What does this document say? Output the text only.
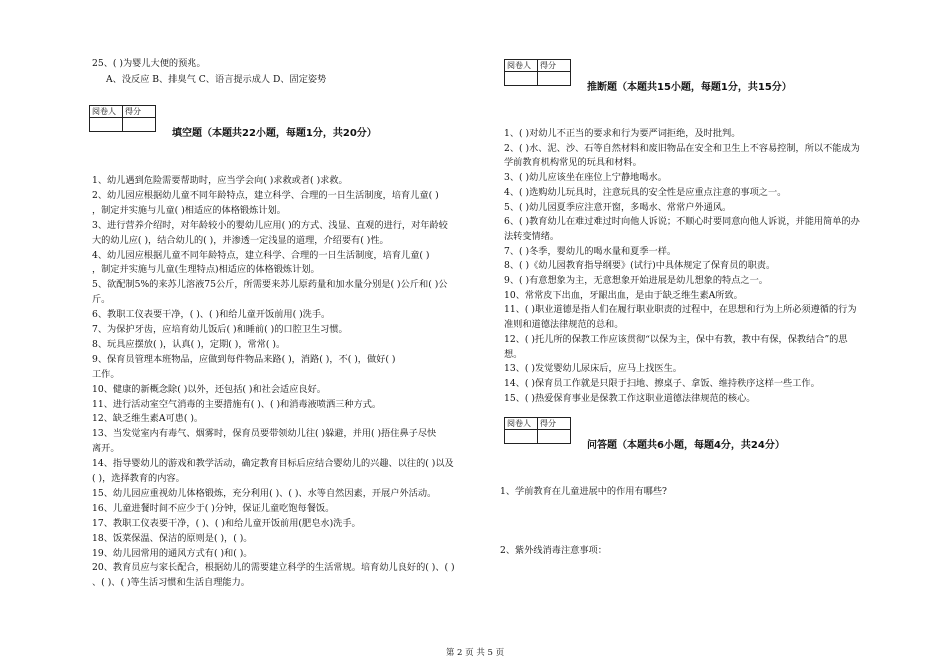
25、( )为婴儿大便的预兆。
A、没反应 B、排臭气 C、语言提示成人 D、固定姿势
阅卷人	得分

填空题（本题共22小题，每题1分，共20分）
1、幼儿遇到危险需要帮助时，应当学会向( )求救或者( )求救。
2、幼儿园应根据幼儿童不同年龄特点，建立科学、合理的一日生活制度，培育儿童( )
，制定并实施与儿童( )相适应的体格锻炼计划。
3、进行营养介绍时，对年龄较小的婴幼儿应用( )的方式、浅显、直观的进行，对年龄较
大的幼儿应( )，结合幼儿的( )，并渗透一定浅显的道理，介绍要有( )性。
4、幼儿园应根据儿童不同年龄特点，建立科学、合理的一日生活制度，培育儿童( )
，制定并实施与儿童(生理特点)相适应的体格锻炼计划。
5、欲配制5%的来苏儿溶液75公斤，所需要来苏儿原药量和加水量分别是( )公斤和( )公
斤。
6、教职工仪表要干净，( )、( )和给儿童开饭前用( )洗手。
7、为保护牙齿，应培育幼儿饭后( )和睡前( )的口腔卫生习惯。
8、玩具应摆放( )，认真( )，定期( )，常常( )。
9、保育员管理本班物品，应做到每件物品来路( )，消路( )，不( )，做好( )
工作。
10、健康的新概念除( )以外，还包括( )和社会适应良好。
11、进行活动室空气消毒的主要措施有( )、( )和消毒液喷洒三种方式。
12、缺乏维生素A可患( )。
13、当发觉室内有毒气、烟雾时，保育员要带领幼儿往( )躲避，并用( )捂住鼻子尽快
离开。
14、指导婴幼儿的游戏和教学活动，确定教育目标后应结合婴幼儿的兴趣、以往的( )以及
( )，选择教育的内容。
15、幼儿园应重视幼儿体格锻炼，充分利用( )、( )、水等自然因素，开展户外活动。
16、儿童进餐时间不应少于( )分钟，保证儿童吃饱每餐饭。
17、教职工仪表要干净，( )、( )和给儿童开饭前用(肥皂水)洗手。
18、饭菜保温、保洁的原则是( )，( )。
19、幼儿园常用的通风方式有( )和( )。
20、教育员应与家长配合，根据幼儿的需要建立科学的生活常规。培育幼儿良好的( )、( )
、( )、( )等生活习惯和生活自理能力。
阅卷人	得分

推断题（本题共15小题，每题1分，共15分）
1、( )对幼儿不正当的要求和行为要严词拒绝，及时批判。
2、( )水、泥、沙、石等自然材料和废旧物品在安全和卫生上不容易控制，所以不能成为
学前教育机构常见的玩具和材料。
3、( )幼儿应该坐在座位上宁静地喝水。
4、( )选购幼儿玩具时，注意玩具的安全性是应重点注意的事项之一。
5、( )幼儿园夏季应注意开窗，多喝水、常常户外通风。
6、( )教育幼儿在难过难过时向他人诉说；不顺心时要同意向他人诉说，并能用简单的办
法转变情绪。
7、( )冬季，婴幼儿的喝水量和夏季一样。
8、( )《幼儿园教育指导纲要》(试行)中具体规定了保育员的职责。
9、( )有意想象为主，无意想象开始进展是幼儿想象的特点之一。
10、常常皮下出血，牙龈出血，是由于缺乏维生素A所致。
11、( )职业道德是指人们在履行职业职责的过程中，在思想和行为上所必须遵循的行为
准则和道德法律规范的总和。
12、( )托儿所的保教工作应该贯彻“以保为主，保中有教，教中有保，保教结合”的思
想。
13、( )发觉婴幼儿尿床后，应马上找医生。
14、( )保育员工作就是只限于扫地、擦桌子、拿饭、维持秩序这样一些工作。
15、( )热爱保育事业是保教工作这职业道德法律规范的核心。
阅卷人	得分

问答题（本题共6小题，每题4分，共24分）
1、学前教育在儿童进展中的作用有哪些?
2、紫外线消毒注意事项：
第 2 页 共 5 页
